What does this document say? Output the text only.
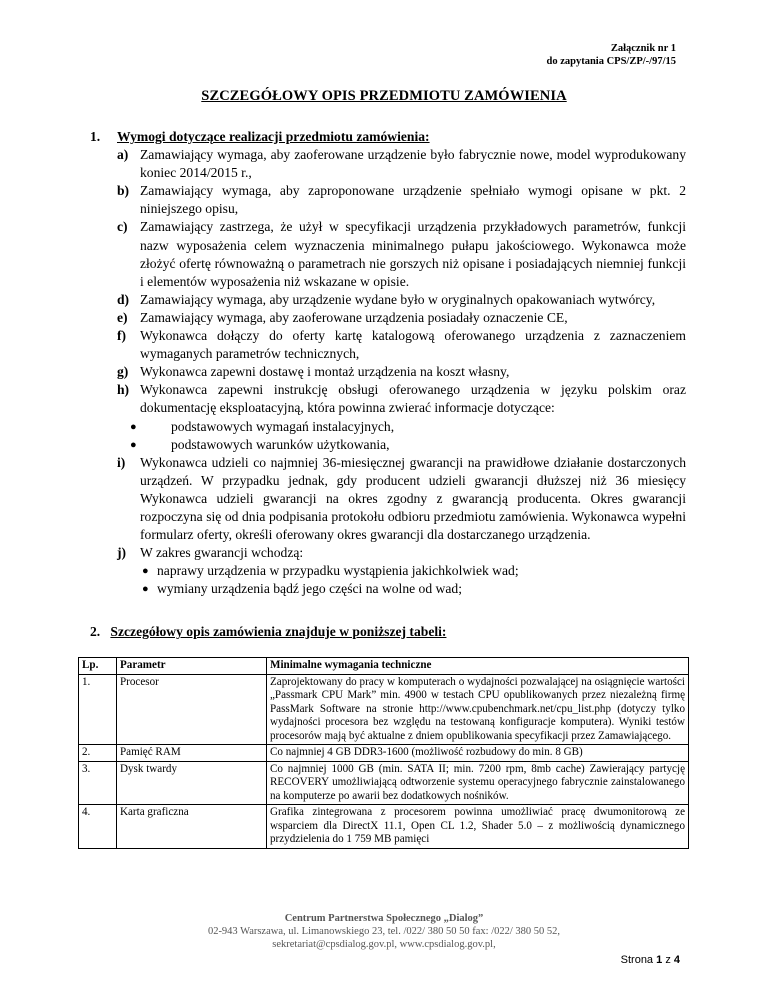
Załącznik nr 1
do zapytania CPS/ZP/-/97/15
SZCZEGÓŁOWY OPIS PRZEDMIOTU ZAMÓWIENIA
1.	Wymogi dotyczące realizacji przedmiotu zamówienia:
a) Zamawiający wymaga, aby zaoferowane urządzenie było fabrycznie nowe, model wyprodukowany koniec 2014/2015 r.,
b) Zamawiający wymaga, aby zaproponowane urządzenie spełniało wymogi opisane w pkt. 2 niniejszego opisu,
c) Zamawiający zastrzega, że użył w specyfikacji urządzenia przykładowych parametrów, funkcji nazw wyposażenia celem wyznaczenia minimalnego pułapu jakościowego. Wykonawca może złożyć ofertę równoważną o parametrach nie gorszych niż opisane i posiadających niemniej funkcji i elementów wyposażenia niż wskazane w opisie.
d) Zamawiający wymaga, aby urządzenie wydane było w oryginalnych opakowaniach wytwórcy,
e) Zamawiający wymaga, aby zaoferowane urządzenia posiadały oznaczenie CE,
f)	Wykonawca dołączy do oferty kartę katalogową oferowanego urządzenia z zaznaczeniem wymaganych parametrów technicznych,
g) Wykonawca zapewni dostawę i montaż urządzenia na koszt własny,
h) Wykonawca zapewni instrukcję obsługi oferowanego urządzenia w języku polskim oraz dokumentację eksploatacyjną, która powinna zwierać informacje dotyczące:
●	podstawowych wymagań instalacyjnych,
●	podstawowych warunków użytkowania,
i)	Wykonawca udzieli co najmniej 36-miesięcznej gwarancji na prawidłowe działanie dostarczonych urządzeń. W przypadku jednak, gdy producent udzieli gwarancji dłuższej niż 36 miesięcy Wykonawca udzieli gwarancji na okres zgodny z gwarancją producenta. Okres gwarancji rozpoczyna się od dnia podpisania protokołu odbioru przedmiotu zamówienia. Wykonawca wypełni formularz oferty, określi oferowany okres gwarancji dla dostarczanego urządzenia.
j)	W zakres gwarancji wchodzą:
● naprawy urządzenia w przypadku wystąpienia jakichkolwiek wad;
● wymiany urządzenia bądź jego części na wolne od wad;
2. Szczegółowy opis zamówienia znajduje w poniższej tabeli:
Lp.	Parametr	Minimalne wymagania techniczne
1.	Procesor	Zaprojektowany do pracy w komputerach o wydajności pozwalającej na osiągnięcie wartości „Passmark CPU Mark” min. 4900 w testach CPU opublikowanych przez niezależną firmę PassMark Software na stronie http://www.cpubenchmark.net/cpu_list.php (dotyczy tylko wydajności procesora bez względu na testowaną konfiguracje komputera). Wyniki testów procesorów mają być aktualne z dniem opublikowania specyfikacji przez Zamawiającego.
2.	Pamięć RAM	Co najmniej 4 GB DDR3-1600 (możliwość rozbudowy do min. 8 GB)
3.	Dysk twardy	Co najmniej 1000 GB (min. SATA II; min. 7200 rpm, 8mb cache) Zawierający partycję RECOVERY umożliwiającą odtworzenie systemu operacyjnego fabrycznie zainstalowanego na komputerze po awarii bez dodatkowych nośników.
4.	Karta graficzna	Grafika zintegrowana z procesorem powinna umożliwiać pracę dwumonitorową ze wsparciem dla DirectX 11.1, Open CL 1.2, Shader 5.0 – z możliwością dynamicznego przydzielenia do 1 759 MB pamięci
Centrum Partnerstwa Społecznego „Dialog”
02-943 Warszawa, ul. Limanowskiego 23, tel. /022/ 380 50 50 fax: /022/ 380 50 52,
sekretariat@cpsdialog.gov.pl, www.cpsdialog.gov.pl,
Strona 1 z 4
